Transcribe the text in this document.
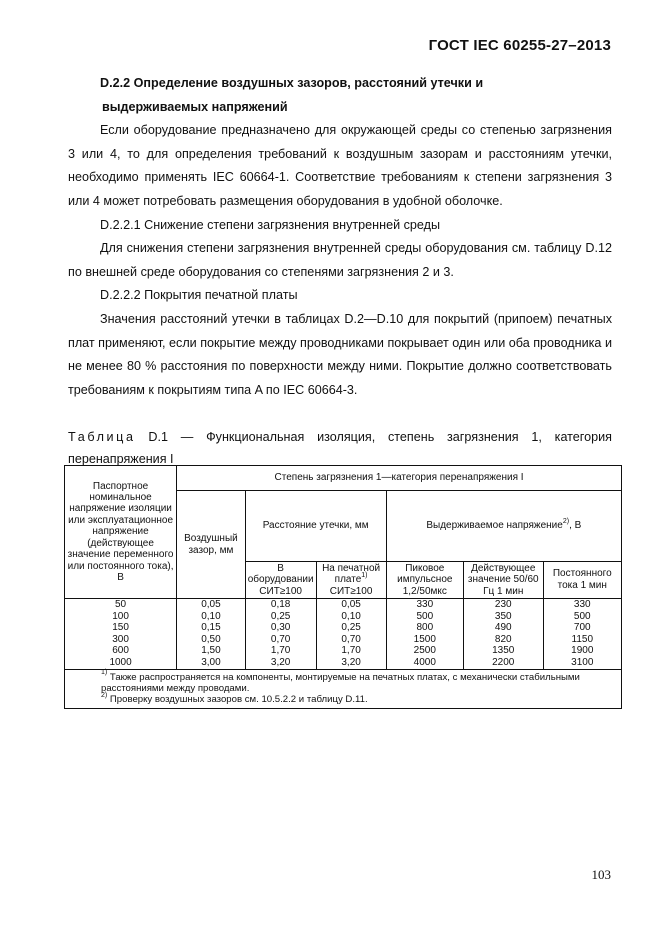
ГОСТ IEC 60255-27–2013

D.2.2 Определение воздушных зазоров, расстояний утечки и

выдерживаемых напряжений

Если оборудование предназначено для окружающей среды со степенью загрязнения 3 или 4, то для определения требований к воздушным зазорам и расстояниям утечки, необходимо применять IEC 60664-1. Соответствие требованиям к степени загрязнения 3 или 4 может потребовать размещения оборудования в удобной оболочке.

D.2.2.1 Снижение степени загрязнения внутренней среды

Для снижения степени загрязнения внутренней среды оборудования см. таблицу D.12 по внешней среде оборудования со степенями загрязнения 2 и 3.

D.2.2.2 Покрытия печатной платы

Значения расстояний утечки в таблицах D.2—D.10 для покрытий (припоем) печатных плат применяют, если покрытие между проводниками покрывает один или оба проводника и не менее 80 % расстояния по поверхности между ними. Покрытие должно соответствовать требованиям к покрытиям типа A по IEC 60664-3.

Таблица D.1 — Функциональная изоляция, степень загрязнения 1, категория перенапряжения I

Паспортное номинальное напряжение изоляции или эксплуатационное напряжение (действующее значение переменного или постоянного тока), В	Степень загрязнения 1—категория перенапряжения I					
	Воздушный зазор, мм	Расстояние утечки, мм		Выдерживаемое напряжение$^{2)}$, В		
		В оборудовании СИТ≥100	На печатной плате$^{1)}$ СИТ≥100	Пиковое импульсное 1,2/50мкс	Действующее значение 50/60 Гц 1 мин	Постоянного тока 1 мин
50	0,05	0,18	0,05	330	230	330
100	0,10	0,25	0,10	500	350	500
150	0,15	0,30	0,25	800	490	700
300	0,50	0,70	0,70	1500	820	1150
600	1,50	1,70	1,70	2500	1350	1900
1000	3,00	3,20	3,20	4000	2200	3100

$^{1)}$ Также распространяется на компоненты, монтируемые на печатных платах, с механически стабильными расстояниями между проводами.
$^{2)}$ Проверку воздушных зазоров см. 10.5.2.2 и таблицу D.11.						
103
